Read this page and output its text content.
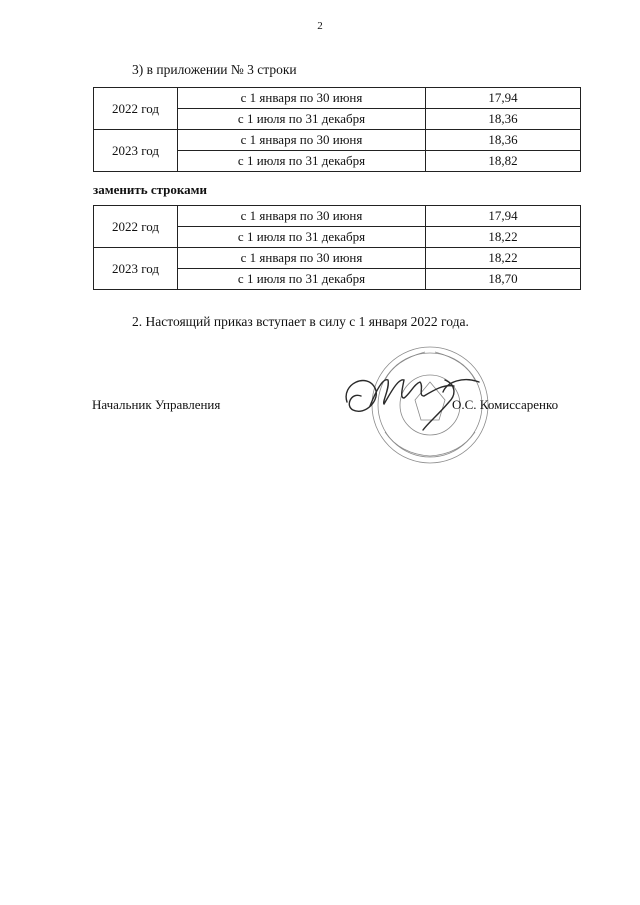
2
3) в приложении № 3 строки
2022 год	с 1 января по 30 июня	17,94
	с 1 июля по 31 декабря	18,36
2023 год	с 1 января по 30 июня	18,36
	с 1 июля по 31 декабря	18,82
заменить строками
2022 год	с 1 января по 30 июня	17,94
	с 1 июля по 31 декабря	18,22
2023 год	с 1 января по 30 июня	18,22
	с 1 июля по 31 декабря	18,70
2. Настоящий приказ вступает в силу с 1 января 2022 года.
Начальник Управления	О.С. Комиссаренко
